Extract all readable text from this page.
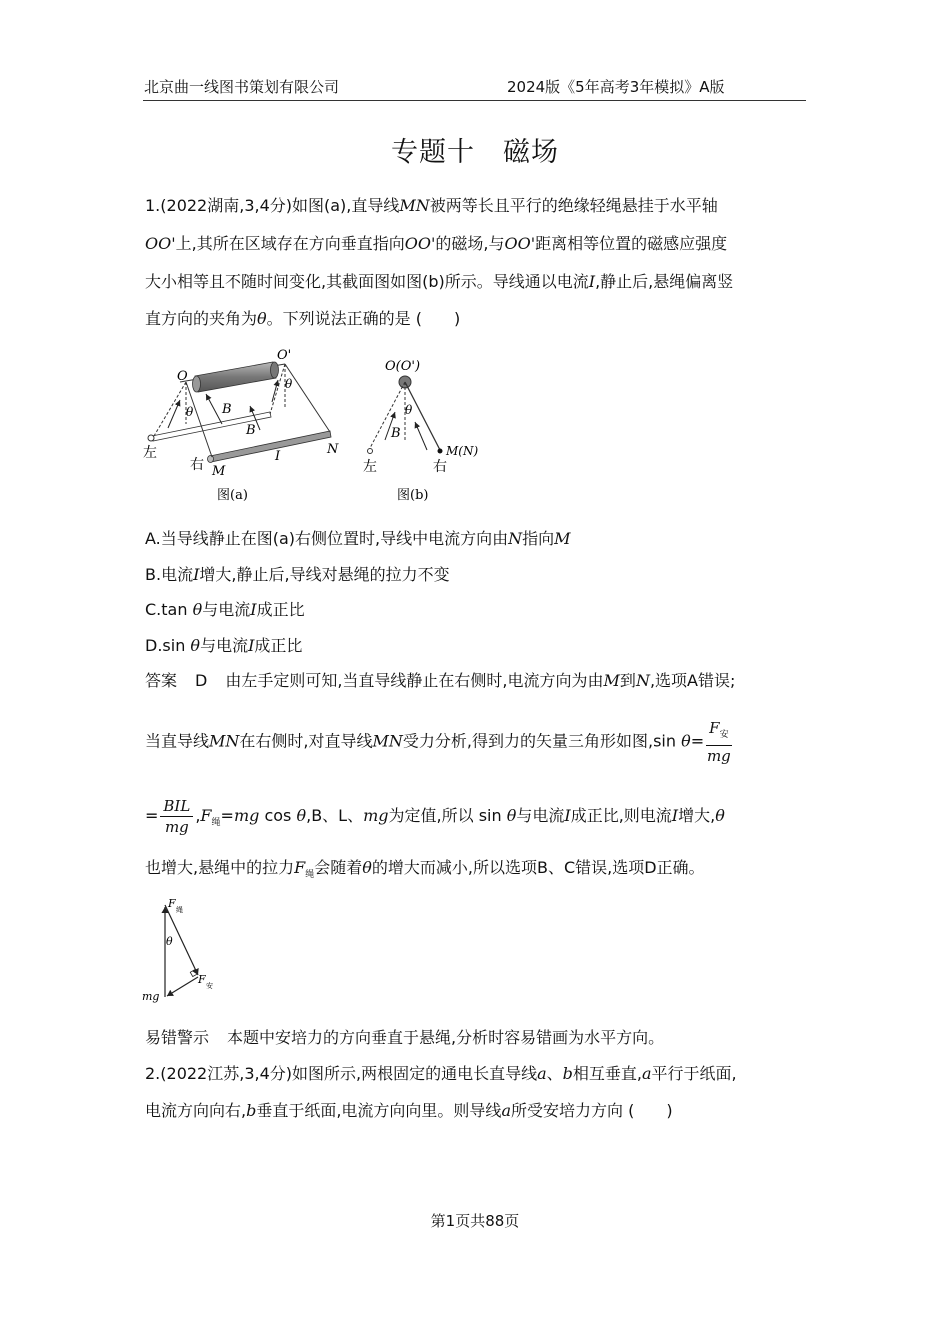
北京曲一线图书策划有限公司	2024版《5年高考3年模拟》A版
专题十　磁场
1.(2022湖南,3,4分)如图(a),直导线MN被两等长且平行的绝缘轻绳悬挂于水平轴
OO'上,其所在区域存在方向垂直指向OO'的磁场,与OO'距离相等位置的磁感应强度
大小相等且不随时间变化,其截面图如图(b)所示。导线通以电流I,静止后,悬绳偏离竖
直方向的夹角为θ。下列说法正确的是 (　　)
O
O'
θ
θ
B
B
左
右 M
I	N
图(a)
O(O')
θ
B
左	右
M(N)
图(b)
A.当导线静止在图(a)右侧位置时,导线中电流方向由N指向M
B.电流I增大,静止后,导线对悬绳的拉力不变
C.tan θ与电流I成正比
D.sin θ与电流I成正比
答案 D 由左手定则可知,当直导线静止在右侧时,电流方向为由M到N,选项A错误;
当直导线MN在右侧时,对直导线MN受力分析,得到力的矢量三角形如图,sin $\theta= \frac{F_安}{mg}$
= $\frac{\text{BIL}}{mg} ,F_绳=mg$ cos θ,B、L、mg为定值,所以 sin θ与电流I成正比,则电流I增大,θ
也增大,悬绳中的拉力$F_绳$会随着θ的增大而减小,所以选项B、C错误,选项D正确。
F 绳
θ
F 安
mg
易错警示 本题中安培力的方向垂直于悬绳,分析时容易错画为水平方向。
2.(2022江苏,3,4分)如图所示,两根固定的通电长直导线a、b相互垂直,a平行于纸面,
电流方向向右,b垂直于纸面,电流方向向里。则导线a所受安培力方向 (　　)
第1页共88页
